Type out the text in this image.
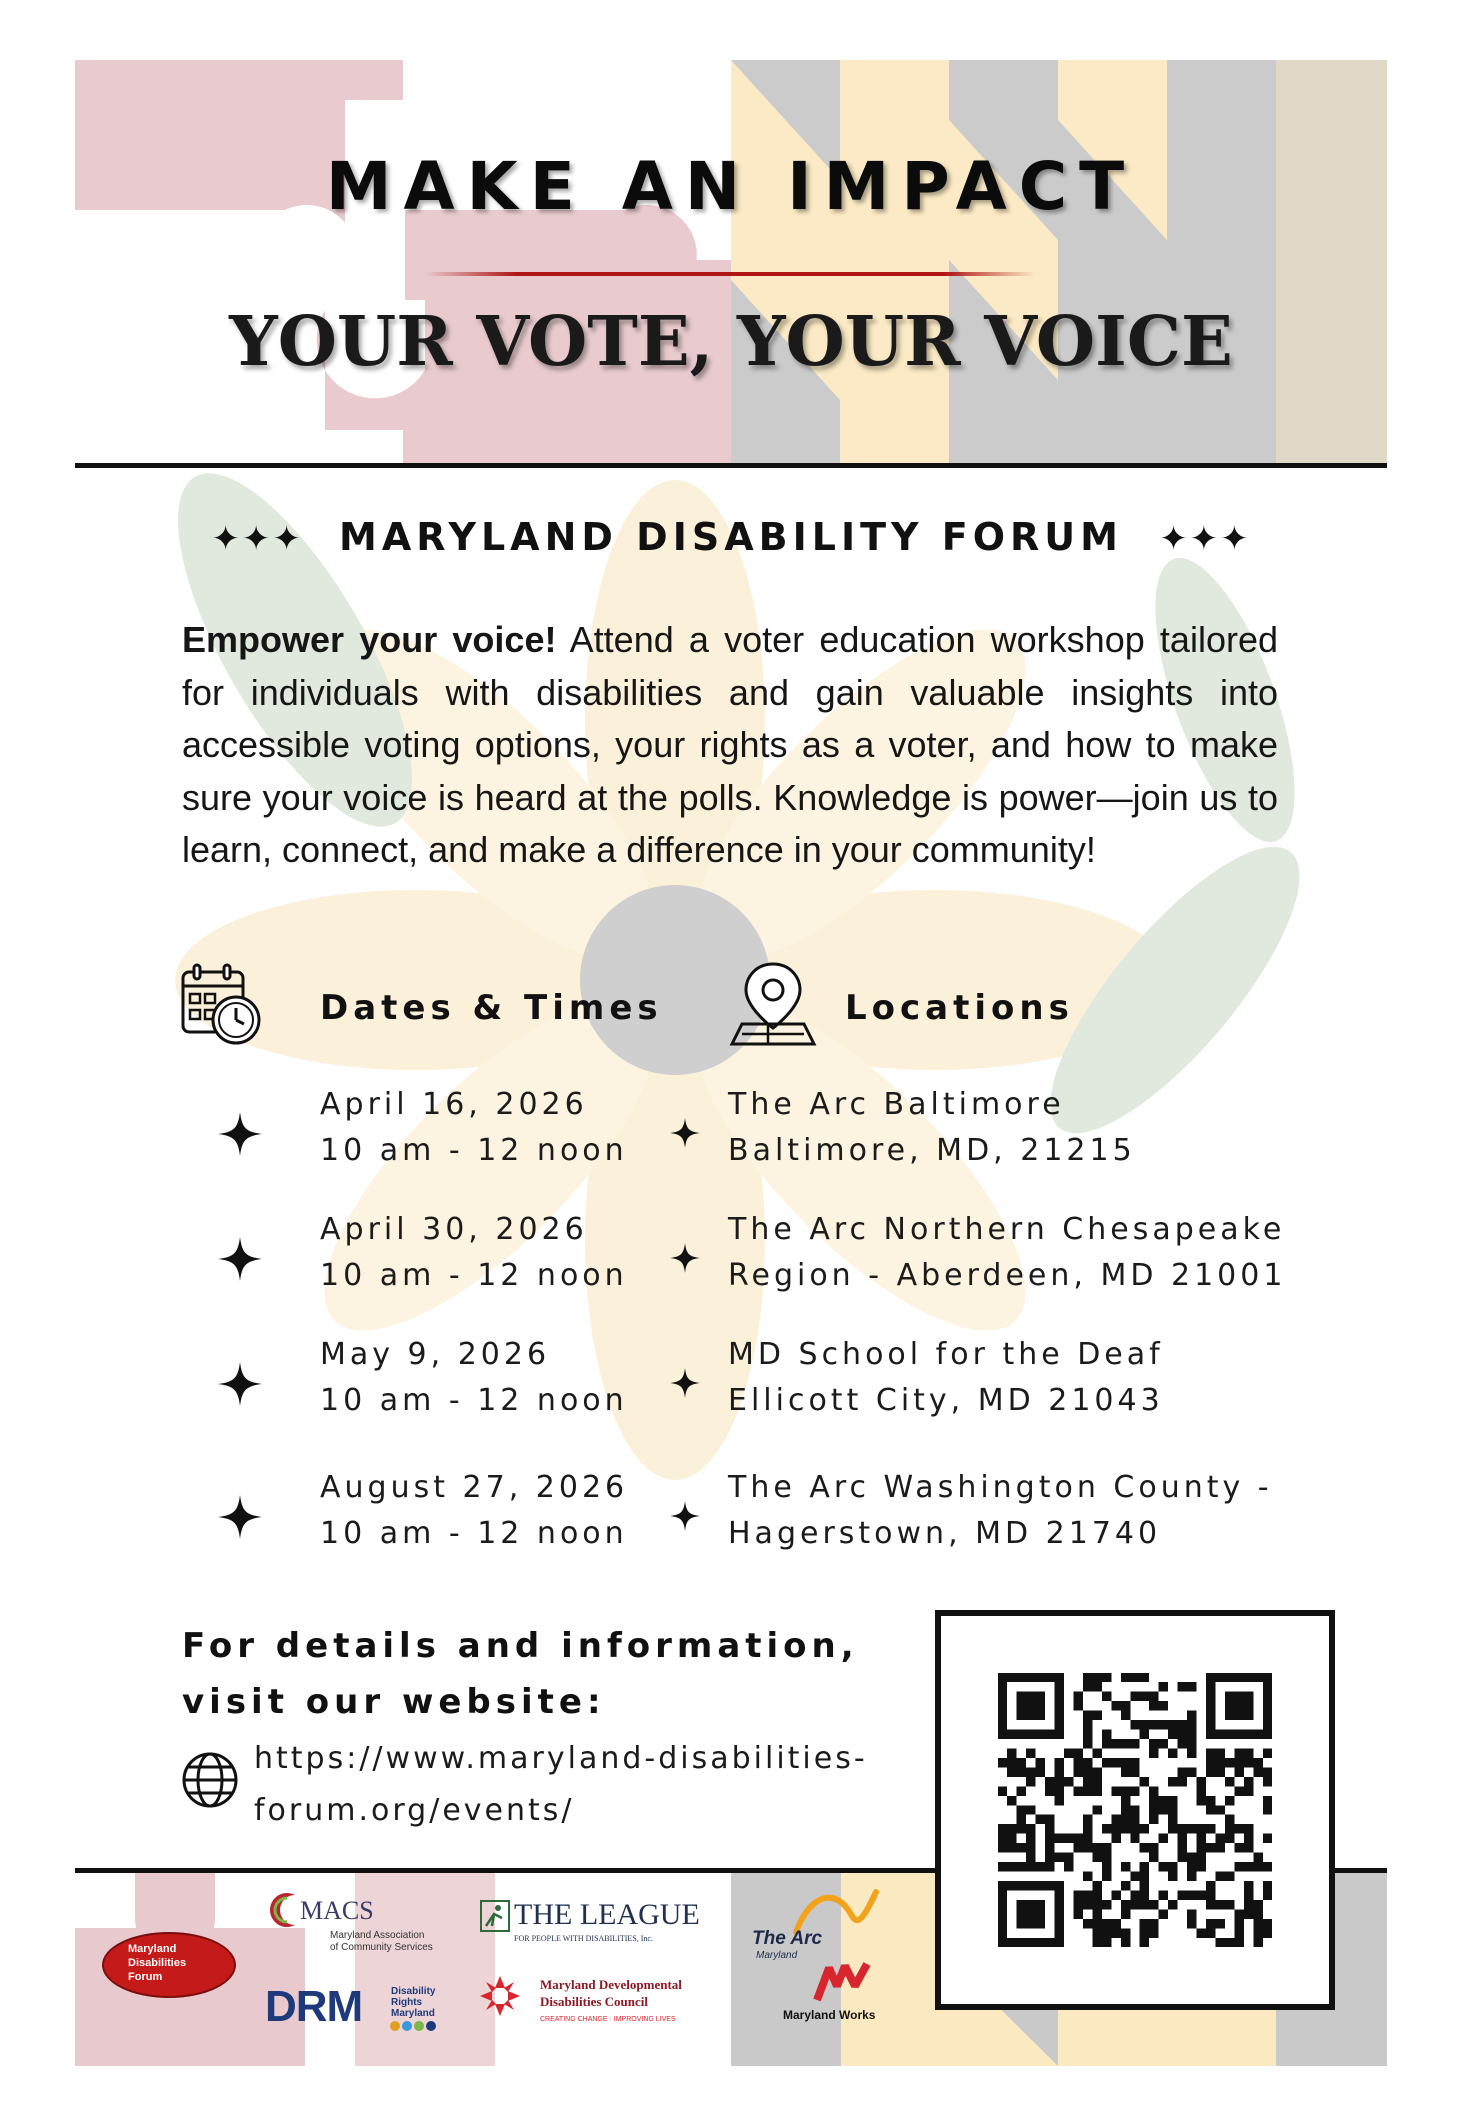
MAKE AN IMPACT
YOUR VOTE, YOUR VOICE
✦✦✦ MARYLAND DISABILITY FORUM ✦✦✦
Empower your voice! Attend a voter education workshop tailored for individuals with disabilities and gain valuable insights into accessible voting options, your rights as a voter, and how to make sure your voice is heard at the polls. Knowledge is power—join us to learn, connect, and make a difference in your community!
Dates & Times	Locations
April 16, 2026
10 am - 12 noon
The Arc Baltimore
Baltimore, MD, 21215
April 30, 2026
10 am - 12 noon
The Arc Northern Chesapeake
Region - Aberdeen, MD 21001
May 9, 2026
10 am - 12 noon
MD School for the Deaf
Ellicott City, MD 21043
August 27, 2026
10 am - 12 noon
The Arc Washington County -
Hagerstown, MD 21740
For details and information,
visit our website:
https://www.maryland-disabilities-
forum.org/events/
Maryland
Disabilities
Forum
MACS
Maryland Association
of Community Services
DRM	Disability
Rights
Maryland
THE LEAGUE
FOR PEOPLE WITH DISABILITIES, Inc.
Maryland Developmental
Disabilities Council
CREATING CHANGE · IMPROVING LIVES
The Arc
Maryland
Maryland Works
